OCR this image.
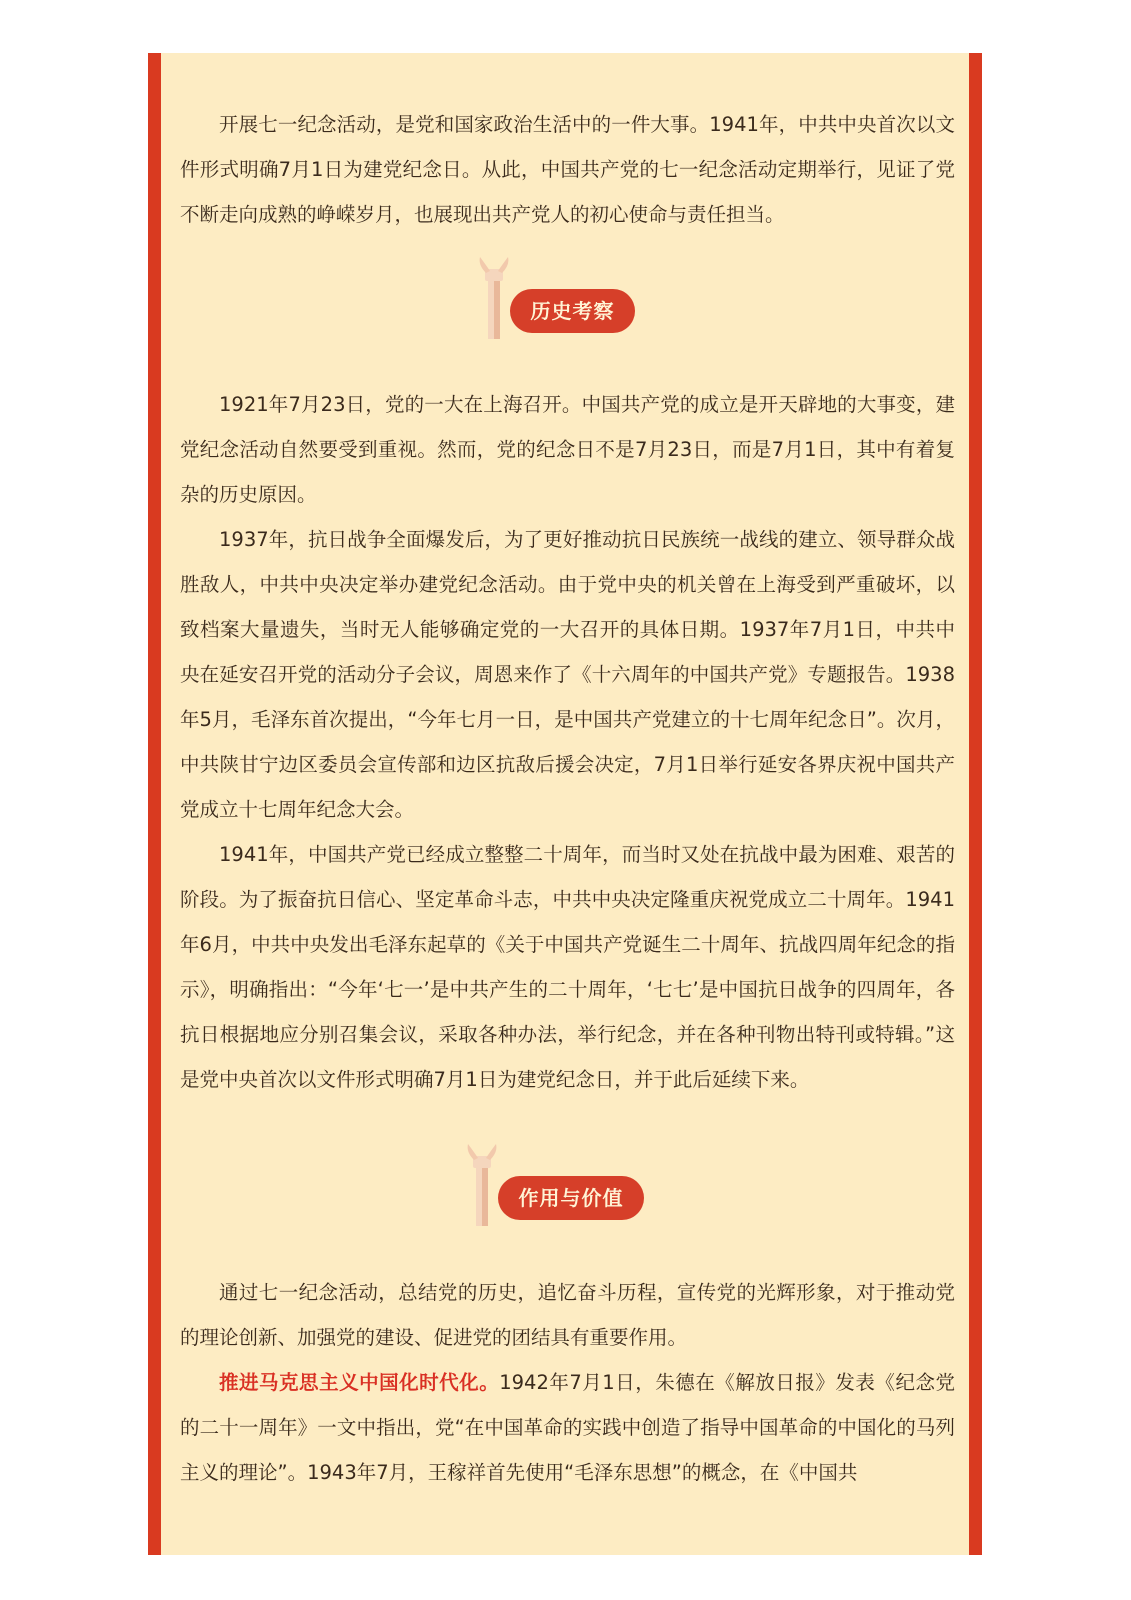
开展七一纪念活动，是党和国家政治生活中的一件大事。1941年，中共中央首次以文件形式明确7月1日为建党纪念日。从此，中国共产党的七一纪念活动定期举行，见证了党不断走向成熟的峥嵘岁月，也展现出共产党人的初心使命与责任担当。

历史考察

1921年7月23日，党的一大在上海召开。中国共产党的成立是开天辟地的大事变，建党纪念活动自然要受到重视。然而，党的纪念日不是7月23日，而是7月1日，其中有着复杂的历史原因。

1937年，抗日战争全面爆发后，为了更好推动抗日民族统一战线的建立、领导群众战胜敌人，中共中央决定举办建党纪念活动。由于党中央的机关曾在上海受到严重破坏，以致档案大量遗失，当时无人能够确定党的一大召开的具体日期。1937年7月1日，中共中央在延安召开党的活动分子会议，周恩来作了《十六周年的中国共产党》专题报告。1938年5月，毛泽东首次提出，“今年七月一日，是中国共产党建立的十七周年纪念日”。次月，中共陕甘宁边区委员会宣传部和边区抗敌后援会决定，7月1日举行延安各界庆祝中国共产党成立十七周年纪念大会。

1941年，中国共产党已经成立整整二十周年，而当时又处在抗战中最为困难、艰苦的阶段。为了振奋抗日信心、坚定革命斗志，中共中央决定隆重庆祝党成立二十周年。1941年6月，中共中央发出毛泽东起草的《关于中国共产党诞生二十周年、抗战四周年纪念的指示》，明确指出：“今年‘七一’是中共产生的二十周年，‘七七’是中国抗日战争的四周年，各抗日根据地应分别召集会议，采取各种办法，举行纪念，并在各种刊物出特刊或特辑。”这是党中央首次以文件形式明确7月1日为建党纪念日，并于此后延续下来。

作用与价值

通过七一纪念活动，总结党的历史，追忆奋斗历程，宣传党的光辉形象，对于推动党的理论创新、加强党的建设、促进党的团结具有重要作用。

推进马克思主义中国化时代化。1942年7月1日，朱德在《解放日报》发表《纪念党的二十一周年》一文中指出，党“在中国革命的实践中创造了指导中国革命的中国化的马列主义的理论”。1943年7月，王稼祥首先使用“毛泽东思想”的概念，在《中国共
